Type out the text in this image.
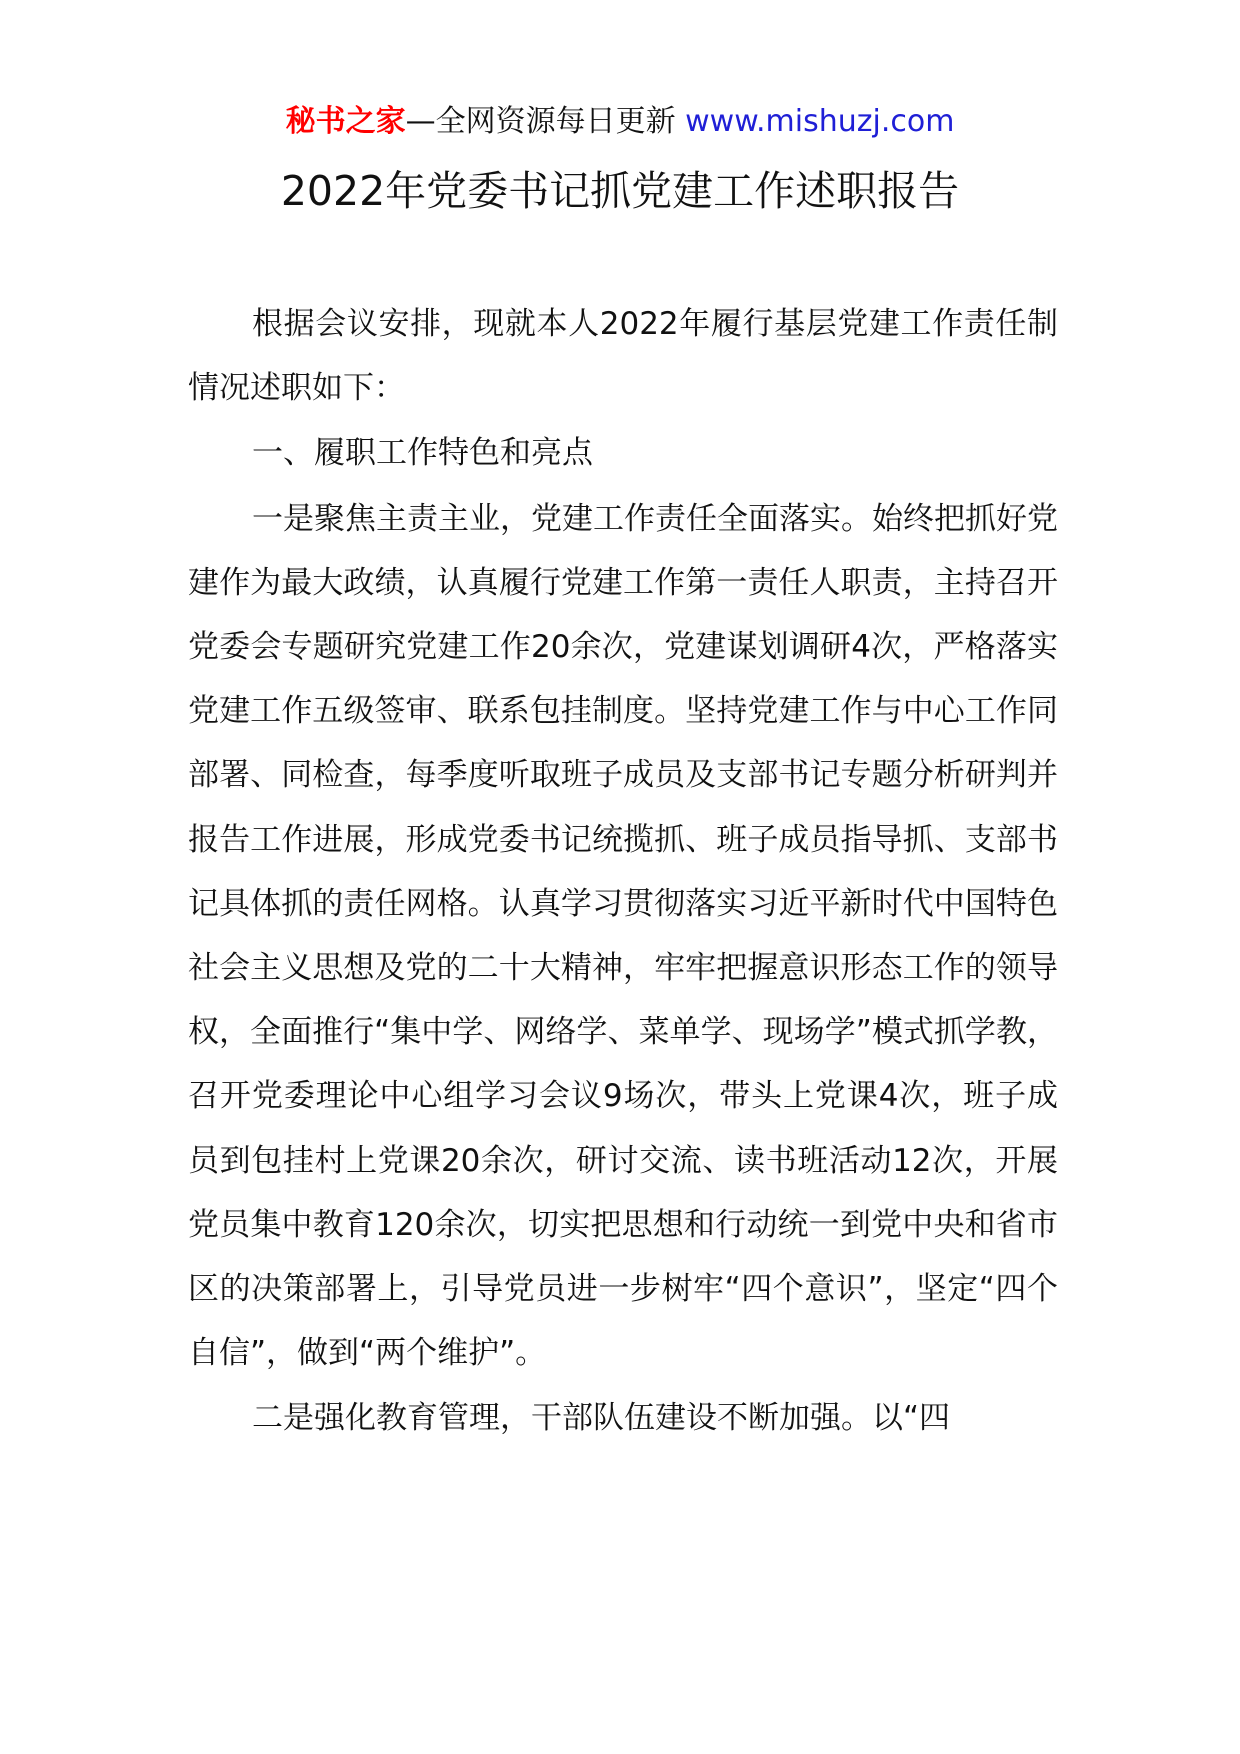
秘书之家—全网资源每日更新 www.mishuzj.com
2022年党委书记抓党建工作述职报告

根据会议安排，现就本人2022年履行基层党建工作责任制情况述职如下：

一、履职工作特色和亮点

一是聚焦主责主业，党建工作责任全面落实。始终把抓好党建作为最大政绩，认真履行党建工作第一责任人职责，主持召开党委会专题研究党建工作20余次，党建谋划调研4次，严格落实党建工作五级签审、联系包挂制度。坚持党建工作与中心工作同部署、同检查，每季度听取班子成员及支部书记专题分析研判并报告工作进展，形成党委书记统揽抓、班子成员指导抓、支部书记具体抓的责任网格。认真学习贯彻落实习近平新时代中国特色社会主义思想及党的二十大精神，牢牢把握意识形态工作的领导权，全面推行“集中学、网络学、菜单学、现场学”模式抓学教，召开党委理论中心组学习会议9场次，带头上党课4次，班子成员到包挂村上党课20余次，研讨交流、读书班活动12次，开展党员集中教育120余次，切实把思想和行动统一到党中央和省市区的决策部署上，引导党员进一步树牢“四个意识”，坚定“四个自信”，做到“两个维护”。

二是强化教育管理，干部队伍建设不断加强。以“四
